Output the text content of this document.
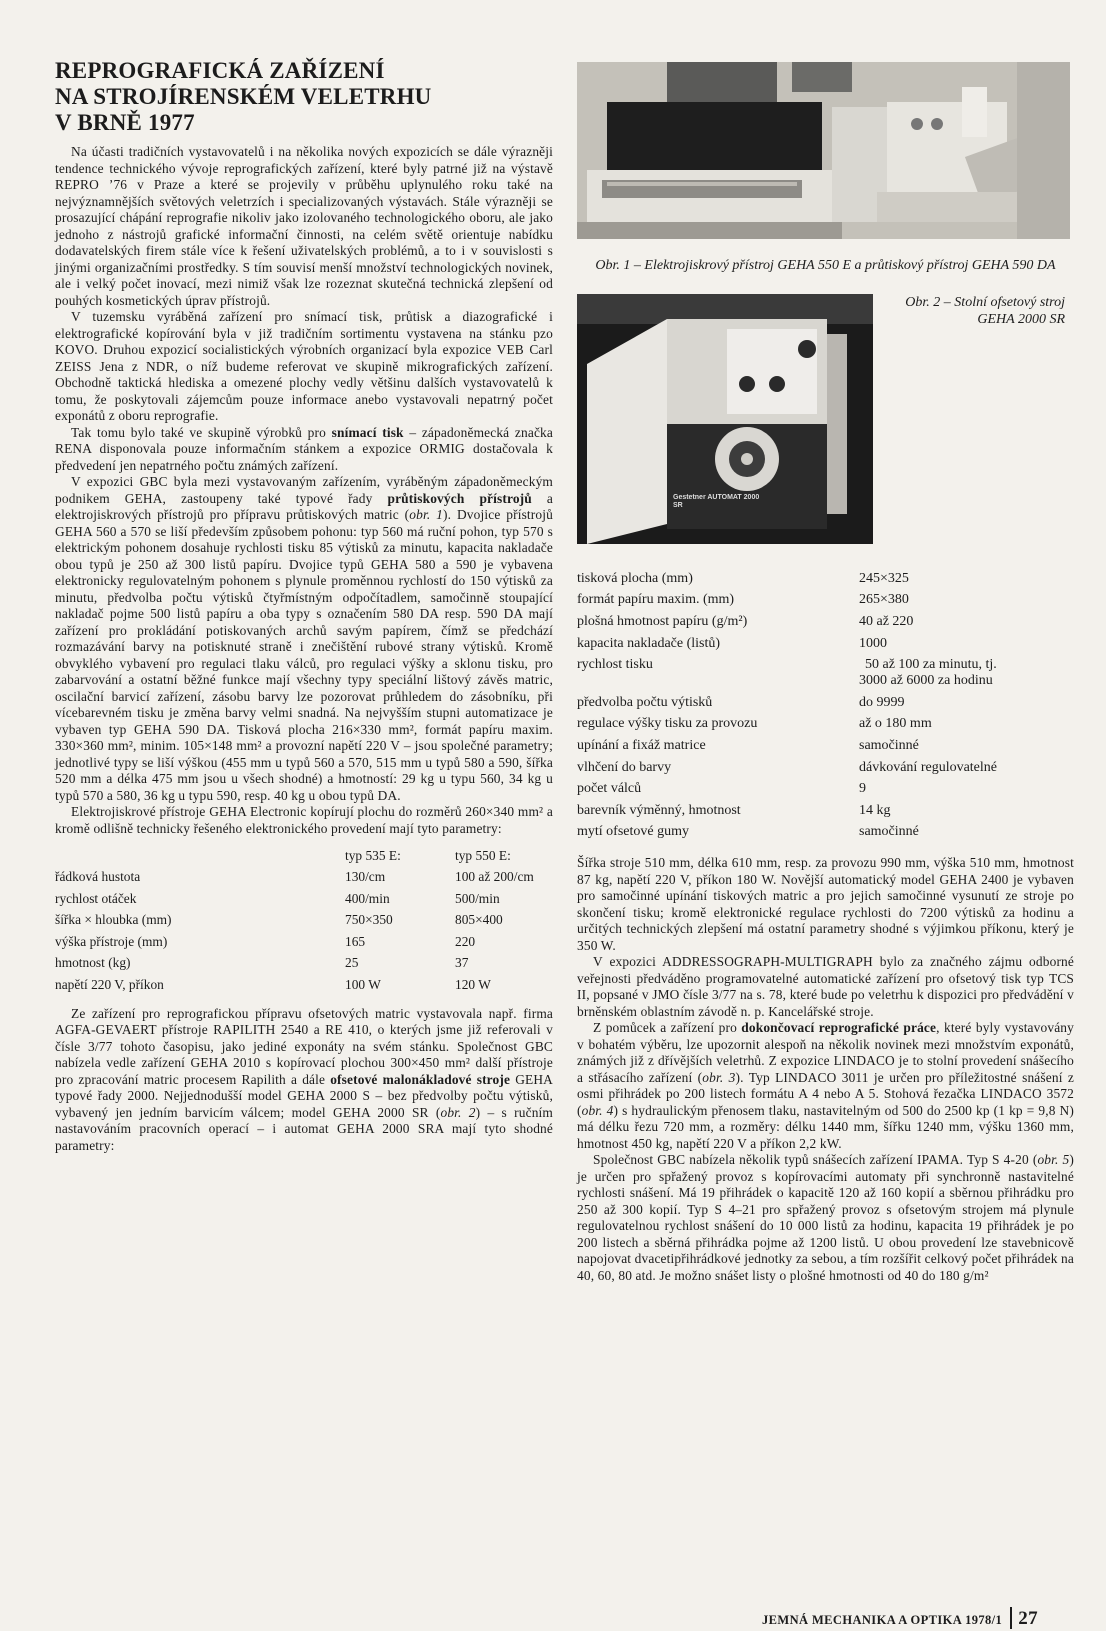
REPROGRAFICKÁ ZAŘÍZENÍ
NA STROJÍRENSKÉM VELETRHU
V BRNĚ 1977

Na účasti tradičních vystavovatelů i na několika nových expozicích se dále výrazněji tendence technického vývoje reprografických zařízení, které byly patrné již na výstavě REPRO ’76 v Praze a které se projevily v průběhu uplynulého roku také na nejvýznamnějších světových veletrzích i specializovaných výstavách. Stále výrazněji se prosazující chápání reprografie nikoliv jako izolovaného technologického oboru, ale jako jednoho z nástrojů grafické informační činnosti, na celém světě orientuje nabídku dodavatelských firem stále více k řešení uživatelských problémů, a to i v souvislosti s jinými organizačními prostředky. S tím souvisí menší množství technologických novinek, ale i velký počet inovací, mezi nimiž však lze rozeznat skutečná technická zlepšení od pouhých kosmetických úprav přístrojů.

V tuzemsku vyráběná zařízení pro snímací tisk, průtisk a diazografické i elektrografické kopírování byla v již tradičním sortimentu vystavena na stánku pzo KOVO. Druhou expozicí socialistických výrobních organizací byla expozice VEB Carl ZEISS Jena z NDR, o níž budeme referovat ve skupině mikrografických zařízení. Obchodně taktická hlediska a omezené plochy vedly většinu dalších vystavovatelů k tomu, že poskytovali zájemcům pouze informace anebo vystavovali nepatrný počet exponátů z oboru reprografie.

Tak tomu bylo také ve skupině výrobků pro snímací tisk – západoněmecká značka RENA disponovala pouze informačním stánkem a expozice ORMIG dostačovala k předvedení jen nepatrného počtu známých zařízení.

V expozici GBC byla mezi vystavovaným zařízením, vyráběným západoněmeckým podnikem GEHA, zastoupeny také typové řady průtiskových přístrojů a elektrojiskrových přístrojů pro přípravu průtiskových matric (obr. 1). Dvojice přístrojů GEHA 560 a 570 se liší především způsobem pohonu: typ 560 má ruční pohon, typ 570 s elektrickým pohonem dosahuje rychlosti tisku 85 výtisků za minutu, kapacita nakladače obou typů je 250 až 300 listů papíru. Dvojice typů GEHA 580 a 590 je vybavena elektronicky regulovatelným pohonem s plynule proměnnou rychlostí do 150 výtisků za minutu, předvolba počtu výtisků čtyřmístným odpočítadlem, samočinně stoupající nakladač pojme 500 listů papíru a oba typy s označením 580 DA resp. 590 DA mají zařízení pro prokládání potiskovaných archů savým papírem, čímž se předchází rozmazávání barvy na potisknuté straně i znečištění rubové strany výtisků. Kromě obvyklého vybavení pro regulaci tlaku válců, pro regulaci výšky a sklonu tisku, pro zabarvování a ostatní běžné funkce mají všechny typy speciální lištový závěs matric, oscilační barvicí zařízení, zásobu barvy lze pozorovat průhledem do zásobníku, při vícebarevném tisku je změna barvy velmi snadná. Na nejvyšším stupni automatizace je vybaven typ GEHA 590 DA. Tisková plocha 216×330 mm², formát papíru maxim. 330×360 mm², minim. 105×148 mm² a provozní napětí 220 V – jsou společné parametry; jednotlivé typy se liší výškou (455 mm u typů 560 a 570, 515 mm u typů 580 a 590, šířka 520 mm a délka 475 mm jsou u všech shodné) a hmotností: 29 kg u typu 560, 34 kg u typů 570 a 580, 36 kg u typu 590, resp. 40 kg u obou typů DA.

Elektrojiskrové přístroje GEHA Electronic kopírují plochu do rozměrů 260×340 mm² a kromě odlišně technicky řešeného elektronického provedení mají tyto parametry:

	typ 535 E:	typ 550 E:
řádková hustota	130/cm	100 až 200/cm
rychlost otáček	400/min	500/min
šířka × hloubka (mm)	750×350	805×400
výška přístroje (mm)	165	220
hmotnost (kg)	25	37
napětí 220 V, příkon	100 W	120 W

Ze zařízení pro reprografickou přípravu ofsetových matric vystavovala např. firma AGFA-GEVAERT přístroje RAPILITH 2540 a RE 410, o kterých jsme již referovali v čísle 3/77 tohoto časopisu, jako jediné exponáty na svém stánku. Společnost GBC nabízela vedle zařízení GEHA 2010 s kopírovací plochou 300×450 mm² další přístroje pro zpracování matric procesem Rapilith a dále ofsetové malonákladové stroje GEHA typové řady 2000. Nejjednodušší model GEHA 2000 S – bez předvolby počtu výtisků, vybavený jen jedním barvicím válcem; model GEHA 2000 SR (obr. 2) – s ručním nastavováním pracovních operací – i automat GEHA 2000 SRA mají tyto shodné parametry:

Obr. 1 – Elektrojiskrový přístroj GEHA 550 E a průtiskový přístroj GEHA 590 DA
Gestetner AUTOMAT 2000 SR
Obr. 2 – Stolní ofsetový stroj GEHA 2000 SR
tisková plocha (mm)	245×325
formát papíru maxim. (mm)	265×380
plošná hmotnost papíru (g/m²)	40 až 220
kapacita nakladače (listů)	1000
rychlost tisku	50 až 100 za minutu, tj.
3000 až 6000 za hodinu

předvolba počtu výtisků	do 9999
regulace výšky tisku za provozu	až o 180 mm
upínání a fixáž matrice	samočinné
vlhčení do barvy	dávkování regulovatelné
počet válců	9
barevník výměnný, hmotnost	14 kg
mytí ofsetové gumy	samočinné

Šířka stroje 510 mm, délka 610 mm, resp. za provozu 990 mm, výška 510 mm, hmotnost 87 kg, napětí 220 V, příkon 180 W. Novější automatický model GEHA 2400 je vybaven pro samočinné upínání tiskových matric a pro jejich samočinné vysunutí ze stroje po skončení tisku; kromě elektronické regulace rychlosti do 7200 výtisků za hodinu a určitých technických zlepšení má ostatní parametry shodné s výjimkou příkonu, který je 350 W.

V expozici ADDRESSOGRAPH-MULTIGRAPH bylo za značného zájmu odborné veřejnosti předváděno programovatelné automatické zařízení pro ofsetový tisk typ TCS II, popsané v JMO čísle 3/77 na s. 78, které bude po veletrhu k dispozici pro předvádění v brněnském oblastním závodě n. p. Kancelářské stroje.

Z pomůcek a zařízení pro dokončovací reprografické práce, které byly vystavovány v bohatém výběru, lze upozornit alespoň na několik novinek mezi množstvím exponátů, známých již z dřívějších veletrhů. Z expozice LINDACO je to stolní provedení snášecího a střásacího zařízení (obr. 3). Typ LINDACO 3011 je určen pro příležitostné snášení z osmi přihrádek po 200 listech formátu A 4 nebo A 5. Stohová řezačka LINDACO 3572 (obr. 4) s hydraulickým přenosem tlaku, nastavitelným od 500 do 2500 kp (1 kp = 9,8 N) má délku řezu 720 mm, a rozměry: délku 1440 mm, šířku 1240 mm, výšku 1360 mm, hmotnost 450 kg, napětí 220 V a příkon 2,2 kW.

Společnost GBC nabízela několik typů snášecích zařízení IPAMA. Typ S 4-20 (obr. 5) je určen pro spřažený provoz s kopírovacími automaty při synchronně nastavitelné rychlosti snášení. Má 19 přihrádek o kapacitě 120 až 160 kopií a sběrnou přihrádku pro 250 až 300 kopií. Typ S 4–21 pro spřažený provoz s ofsetovým strojem má plynule regulovatelnou rychlost snášení do 10 000 listů za hodinu, kapacita 19 přihrádek je po 200 listech a sběrná přihrádka pojme až 1200 listů. U obou provedení lze stavebnicově napojovat dvacetipřihrádkové jednotky za sebou, a tím rozšířit celkový počet přihrádek na 40, 60, 80 atd. Je možno snášet listy o plošné hmotnosti od 40 do 180 g/m²

JEMNÁ MECHANIKA A OPTIKA 1978/1 27
